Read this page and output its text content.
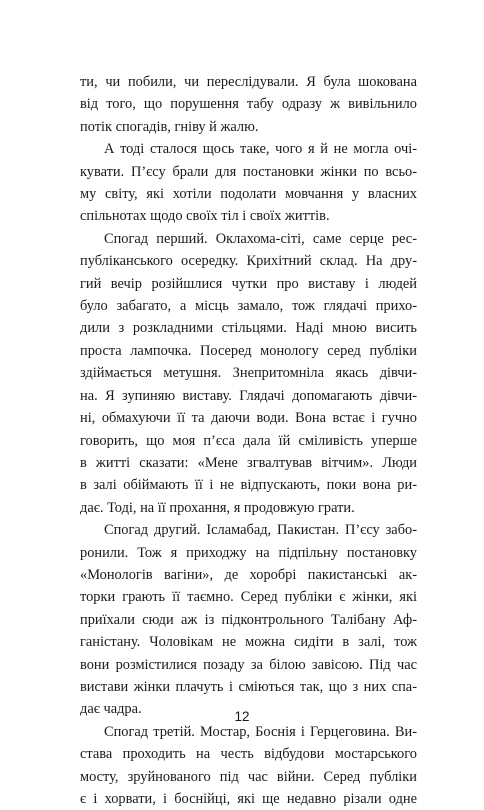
ти, чи побили, чи переслідували. Я була шокована
від того, що порушення табу одразу ж вивільнило
потік спогадів, гніву й жалю.
А тоді сталося щось таке, чого я й не могла очі-
кувати. П’єсу брали для постановки жінки по всьо-
му світу, які хотіли подолати мовчання у власних
спільнотах щодо своїх тіл і своїх життів.
Спогад перший. Оклахома-сіті, саме серце рес-
публіканського осередку. Крихітний склад. На дру-
гий вечір розійшлися чутки про виставу і людей
було забагато, а місць замало, тож глядачі прихо-
дили з розкладними стільцями. Надi мною висить
проста лампочка. Посеред монологу серед публіки
здіймається метушня. Знепритомніла якась дівчи-
на. Я зупиняю виставу. Глядачі допомагають дівчи-
ні, обмахуючи її та даючи води. Вона встає і гучно
говорить, що моя п’єса дала їй сміливість уперше
в житті сказати: «Мене згвалтував вітчим». Люди
в залі обіймають її і не відпускають, поки вона ри-
дає. Тоді, на її прохання, я продовжую грати.
Спогад другий. Ісламабад, Пакистан. П’єсу забо-
ронили. Тож я приходжу на підпільну постановку
«Монологів вагіни», де хоробрі пакистанські ак-
торки грають її таємно. Серед публіки є жінки, які
приїхали сюди аж із підконтрольного Талібану Аф-
ганістану. Чоловікам не можна сидіти в залі, тож
вони розмістилися позаду за білою завісою. Під час
вистави жінки плачуть і сміються так, що з них спа-
дає чадра.
Спогад третій. Мостар, Боснія і Герцеговина. Ви-
става проходить на честь відбудови мостарського
мосту, зруйнованого під час війни. Серед публіки
є і хорвати, і боснійці, які ще недавно різали одне
12
